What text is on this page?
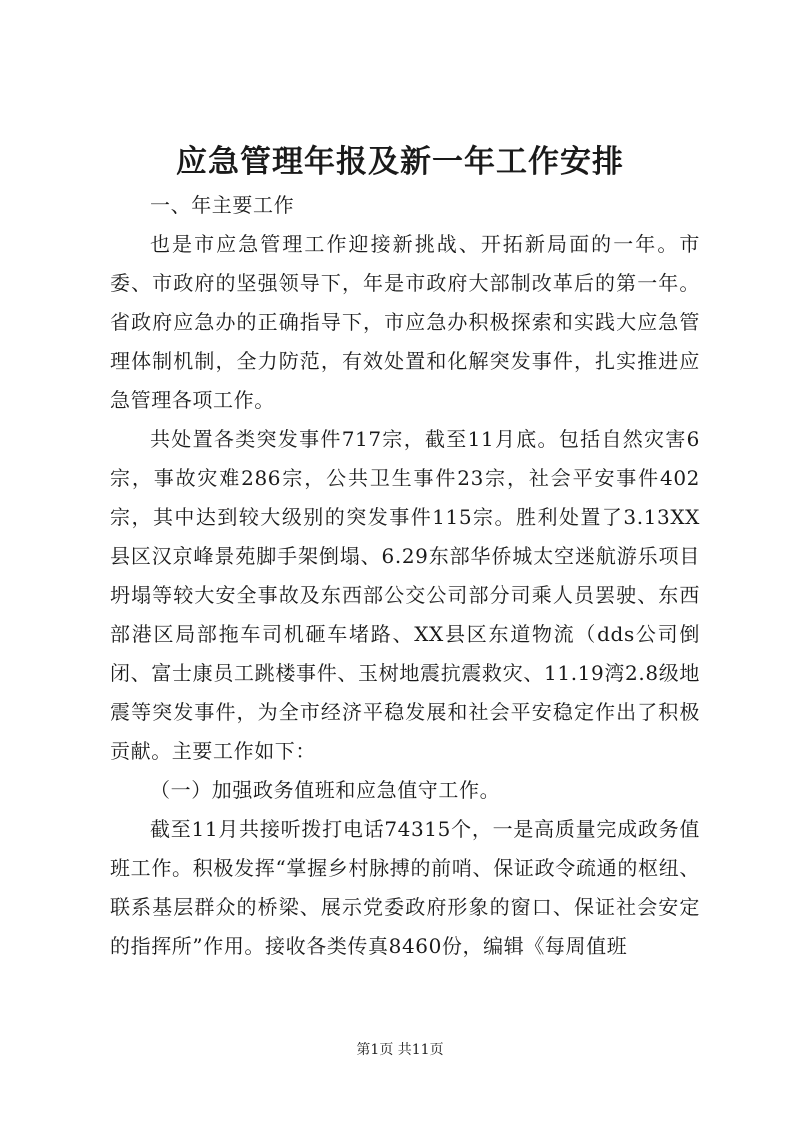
应急管理年报及新一年工作安排

一、年主要工作

也是市应急管理工作迎接新挑战、开拓新局面的一年。市委、市政府的坚强领导下，年是市政府大部制改革后的第一年。省政府应急办的正确指导下，市应急办积极探索和实践大应急管理体制机制，全力防范，有效处置和化解突发事件，扎实推进应急管理各项工作。

共处置各类突发事件717宗，截至11月底。包括自然灾害6宗，事故灾难286宗，公共卫生事件23宗，社会平安事件402宗，其中达到较大级别的突发事件115宗。胜利处置了3.13XX县区汉京峰景苑脚手架倒塌、6.29东部华侨城太空迷航游乐项目坍塌等较大安全事故及东西部公交公司部分司乘人员罢驶、东西部港区局部拖车司机砸车堵路、XX县区东道物流（dds公司倒闭、富士康员工跳楼事件、玉树地震抗震救灾、11.19湾2.8级地震等突发事件，为全市经济平稳发展和社会平安稳定作出了积极贡献。主要工作如下：

（一）加强政务值班和应急值守工作。

截至11月共接听拨打电话74315个，一是高质量完成政务值班工作。积极发挥“掌握乡村脉搏的前哨、保证政令疏通的枢纽、联系基层群众的桥梁、展示党委政府形象的窗口、保证社会安定的指挥所”作用。接收各类传真8460份，编辑《每周值班

第1页 共11页
